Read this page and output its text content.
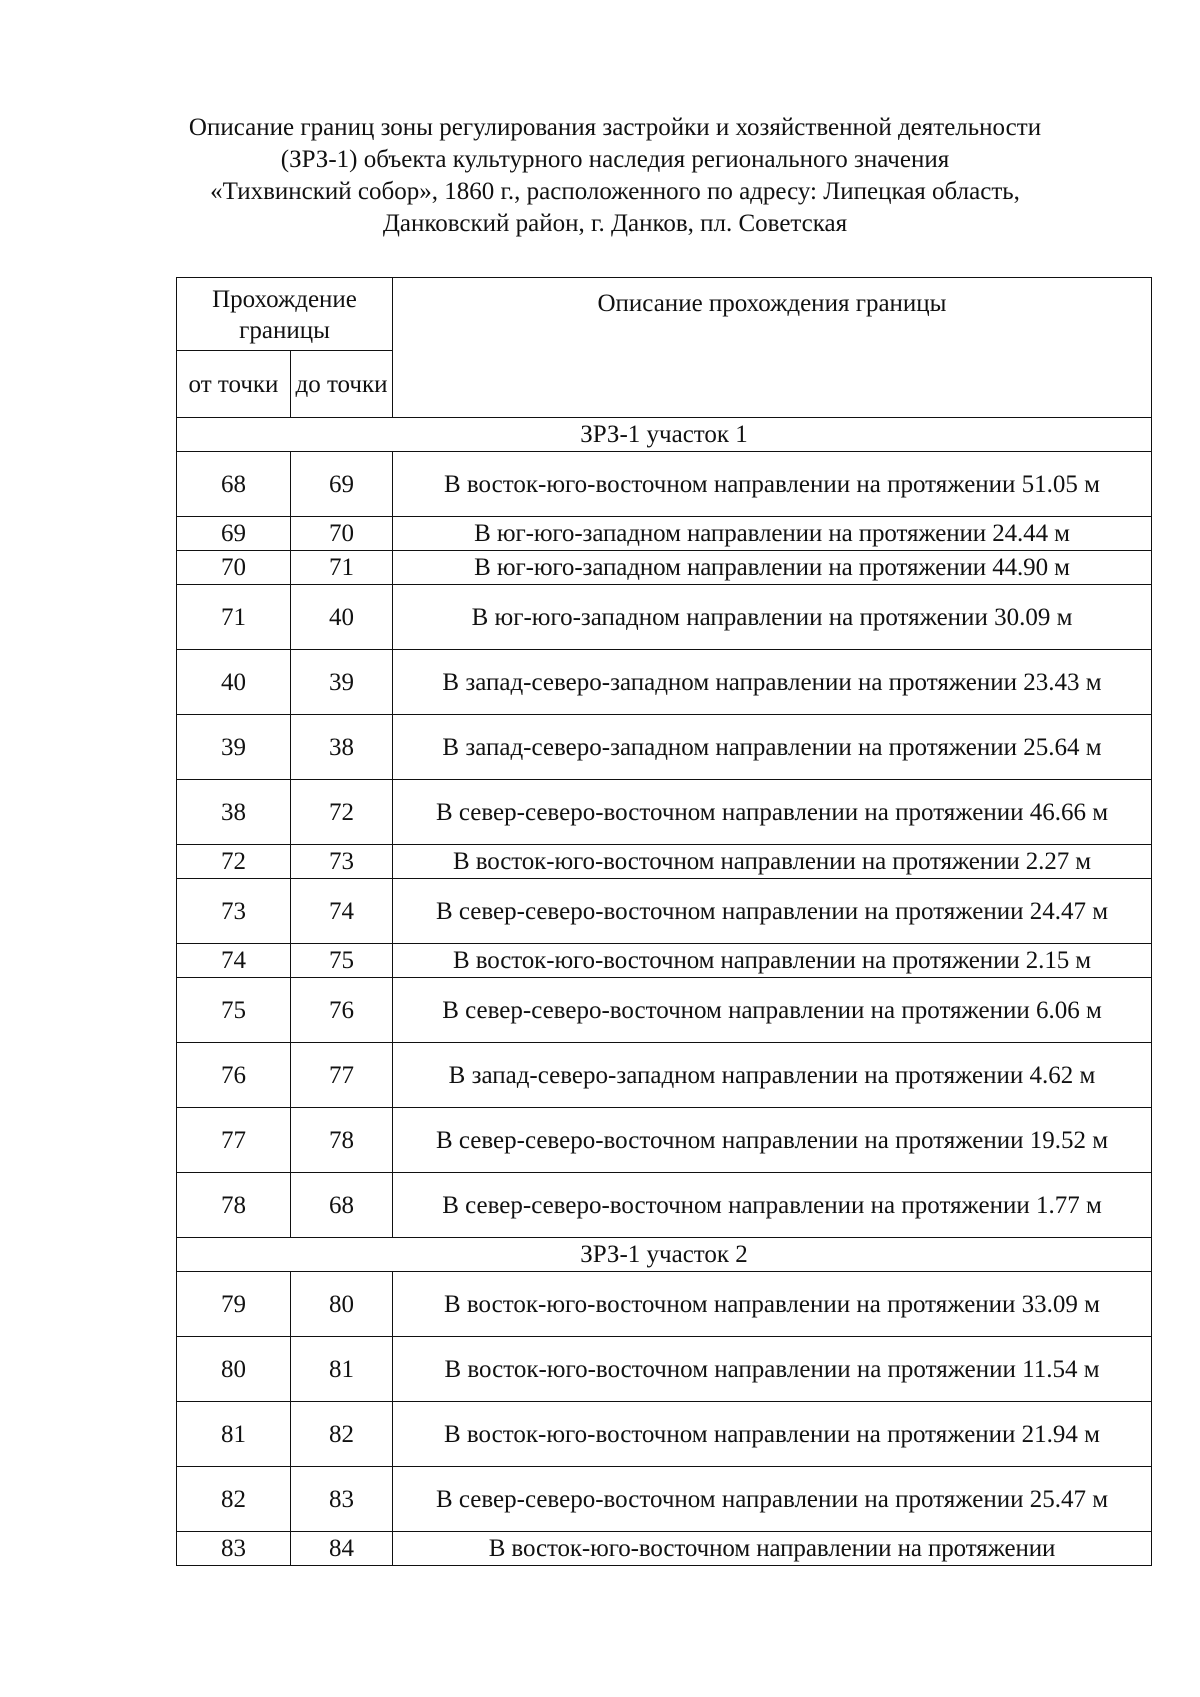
Описание границ зоны регулирования застройки и хозяйственной деятельности
(ЗРЗ-1) объекта культурного наследия регионального значения
«Тихвинский собор», 1860 г., расположенного по адресу: Липецкая область,
Данковский район, г. Данков, пл. Советская
Прохождение границы		Описание прохождения границы
от точки	до точки	
ЗРЗ-1 участок 1		
68	69	В восток-юго-восточном направлении на протяжении 51.05 м
69	70	В юг-юго-западном направлении на протяжении 24.44 м
70	71	В юг-юго-западном направлении на протяжении 44.90 м
71	40	В юг-юго-западном направлении на протяжении 30.09 м
40	39	В запад-северо-западном направлении на протяжении 23.43 м
39	38	В запад-северо-западном направлении на протяжении 25.64 м
38	72	В север-северо-восточном направлении на протяжении 46.66 м
72	73	В восток-юго-восточном направлении на протяжении 2.27 м
73	74	В север-северо-восточном направлении на протяжении 24.47 м
74	75	В восток-юго-восточном направлении на протяжении 2.15 м
75	76	В север-северо-восточном направлении на протяжении 6.06 м
76	77	В запад-северо-западном направлении на протяжении 4.62 м
77	78	В север-северо-восточном направлении на протяжении 19.52 м
78	68	В север-северо-восточном направлении на протяжении 1.77 м
ЗРЗ-1 участок 2		
79	80	В восток-юго-восточном направлении на протяжении 33.09 м
80	81	В восток-юго-восточном направлении на протяжении 11.54 м
81	82	В восток-юго-восточном направлении на протяжении 21.94 м
82	83	В север-северо-восточном направлении на протяжении 25.47 м
83	84	В восток-юго-восточном направлении на протяжении
